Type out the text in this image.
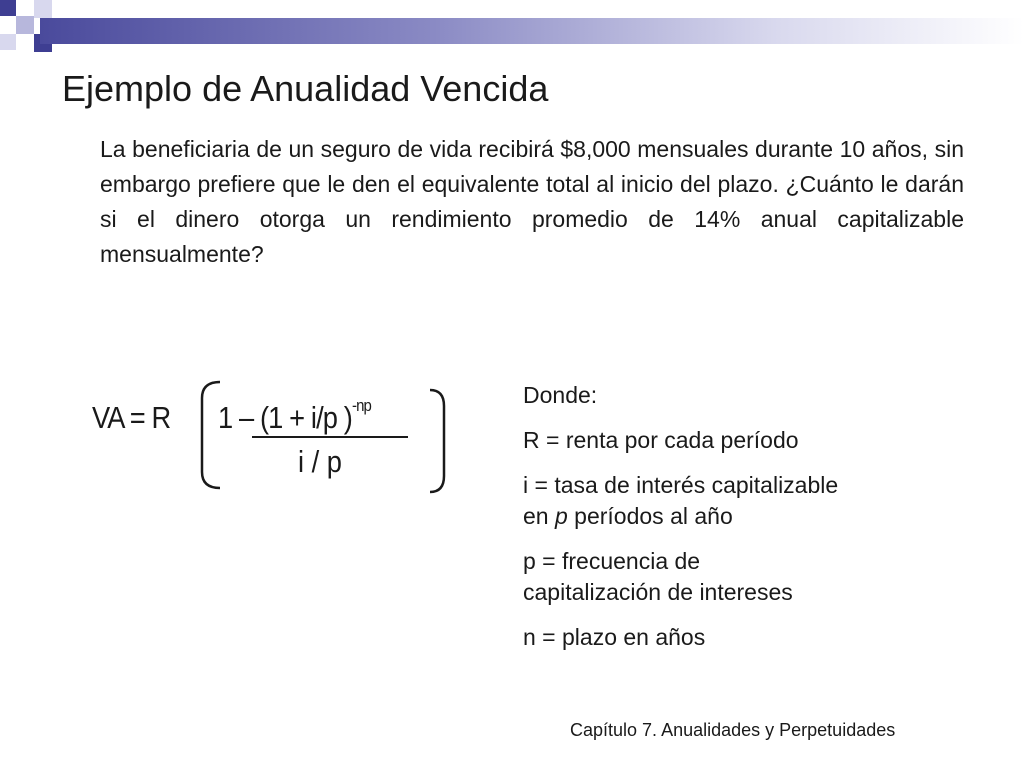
Ejemplo de Anualidad Vencida

La beneficiaria de un seguro de vida recibirá $8,000 mensuales durante 10 años, sin embargo prefiere que le den el equivalente total al inicio del plazo. ¿Cuánto le darán si el dinero otorga un rendimiento promedio de 14% anual capitalizable mensualmente?

VA = R 1 – (1 + i/p )$^{-np}$
i / p

Donde:

R = renta por cada período

i = tasa de interés capitalizable
en p períodos al año

p = frecuencia de
capitalización de intereses

n = plazo en años

Capítulo 7. Anualidades y Perpetuidades
